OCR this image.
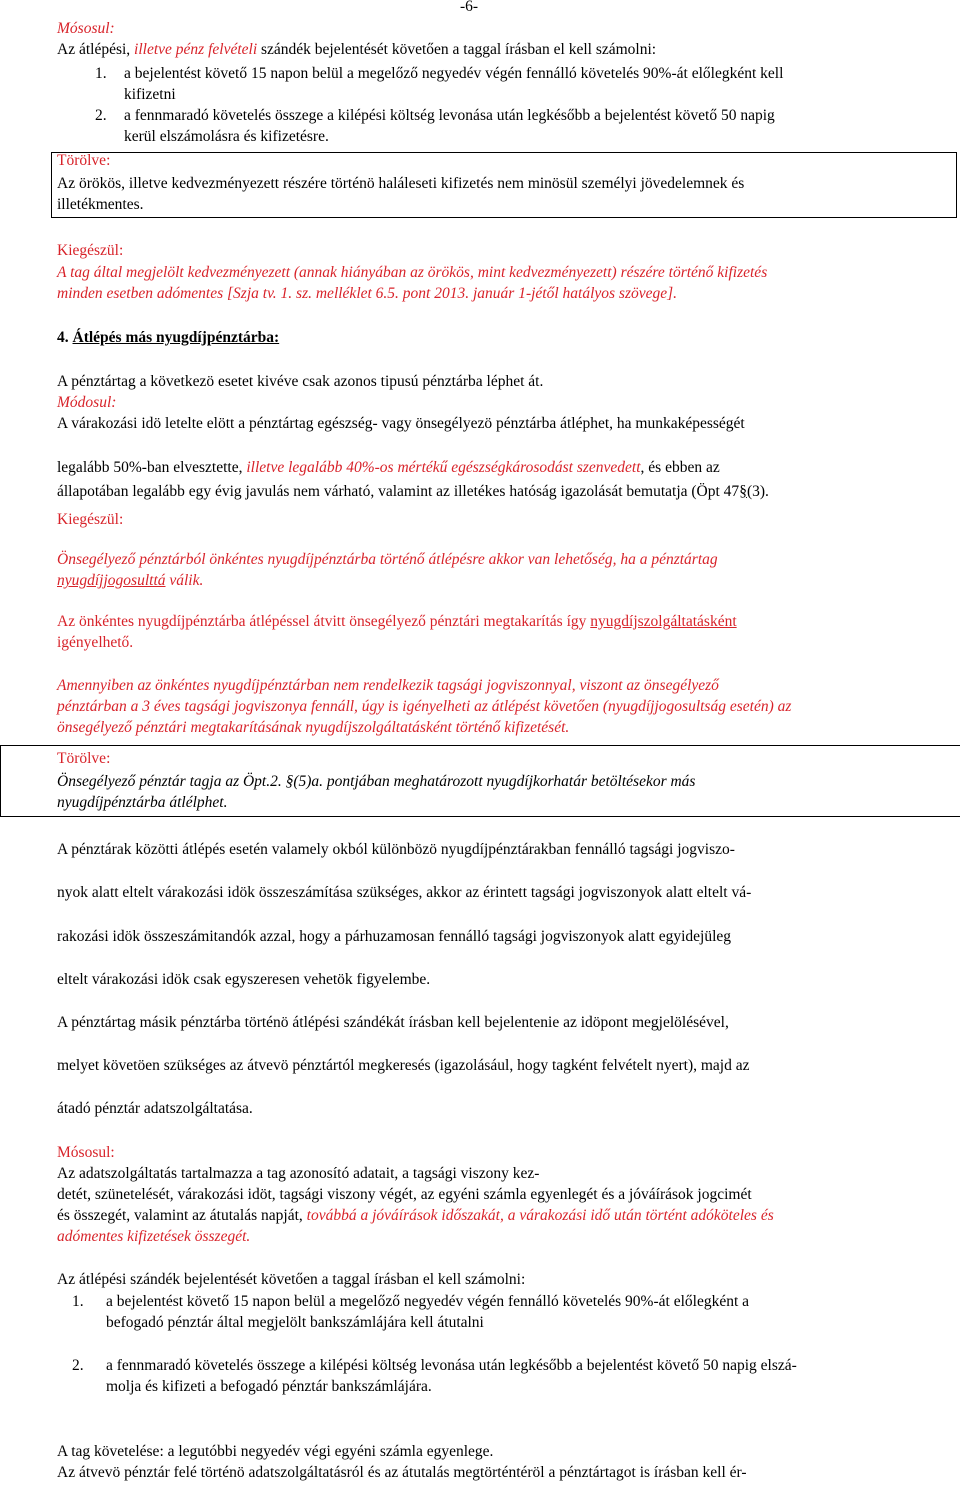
-6-
Mósosul:
Az átlépési, illetve pénz felvételi szándék bejelentését követően a taggal írásban el kell számolni:
1. a bejelentést követő 15 napon belül a megelőző negyedév végén fennálló követelés 90%-át előlegként kell
kifizetni
2. a fennmaradó követelés összege a kilépési költség levonása után legkésőbb a bejelentést követő 50 napig
kerül elszámolásra és kifizetésre.
Törölve:
Az örökös, illetve kedvezményezett részére történö haláleseti kifizetés nem minösül személyi jövedelemnek és
illetékmentes.
Kiegészül:
A tag által megjelölt kedvezményezett (annak hiányában az örökös, mint kedvezményezett) részére történő kifizetés
minden esetben adómentes [Szja tv. 1. sz. melléklet 6.5. pont 2013. január 1-jétől hatályos szövege].
4. Átlépés más nyugdíjpénztárba:
A pénztártag a következö esetet kivéve csak azonos tipusú pénztárba léphet át.
Módosul:
A várakozási idö letelte elött a pénztártag egészség- vagy önsegélyezö pénztárba átléphet, ha munkaképességét
legalább 50%-ban elvesztette, illetve legalább 40%-os mértékű egészségkárosodást szenvedett, és ebben az
állapotában legalább egy évig javulás nem várható, valamint az illetékes hatóság igazolását bemutatja (Öpt 47§(3).
Kiegészül:
Önsegélyező pénztárból önkéntes nyugdíjpénztárba történő átlépésre akkor van lehetőség, ha a pénztártag
nyugdíjjogosulttá válik.
Az önkéntes nyugdíjpénztárba átlépéssel átvitt önsegélyező pénztári megtakarítás így nyugdíjszolgáltatásként
igényelhető.
Amennyiben az önkéntes nyugdíjpénztárban nem rendelkezik tagsági jogviszonnyal, viszont az önsegélyező
pénztárban a 3 éves tagsági jogviszonya fennáll, úgy is igényelheti az átlépést követően (nyugdíjjogosultság esetén) az
önsegélyező pénztári megtakarításának nyugdíjszolgáltatásként történő kifizetését.
Törölve:
Önsegélyező pénztár tagja az Öpt.2. §(5)a. pontjában meghatározott nyugdíjkorhatár betöltésekor más
nyugdíjpénztárba átlélphet.
A pénztárak közötti átlépés esetén valamely okból különbözö nyugdíjpénztárakban fennálló tagsági jogviszo-
nyok alatt eltelt várakozási idök összeszámítása szükséges, akkor az érintett tagsági jogviszonyok alatt eltelt vá-
rakozási idök összeszámitandók azzal, hogy a párhuzamosan fennálló tagsági jogviszonyok alatt egyidejüleg
eltelt várakozási idök csak egyszeresen vehetök figyelembe.
A pénztártag másik pénztárba történö átlépési szándékát írásban kell bejelentenie az idöpont megjelölésével,
melyet követöen szükséges az átvevö pénztártól megkeresés (igazolásául, hogy tagként felvételt nyert), majd az
átadó pénztár adatszolgáltatása.
Mósosul:
Az adatszolgáltatás tartalmazza a tag azonosító adatait, a tagsági viszony kez-
detét, szünetelését, várakozási idöt, tagsági viszony végét, az egyéni számla egyenlegét és a jóváírások jogcimét
és összegét, valamint az átutalás napját, továbbá a jóváírások időszakát, a várakozási idő után történt adóköteles és
adómentes kifizetések összegét.
Az átlépési szándék bejelentését követően a taggal írásban el kell számolni:
1. a bejelentést követő 15 napon belül a megelőző negyedév végén fennálló követelés 90%-át előlegként a
befogadó pénztár által megjelölt bankszámlájára kell átutalni
2. a fennmaradó követelés összege a kilépési költség levonása után legkésőbb a bejelentést követő 50 napig elszá-
molja és kifizeti a befogadó pénztár bankszámlájára.
A tag követelése: a legutóbbi negyedév végi egyéni számla egyenlege.
Az átvevö pénztár felé történö adatszolgáltatásról és az átutalás megtörténtéröl a pénztártagot is írásban kell ér-
